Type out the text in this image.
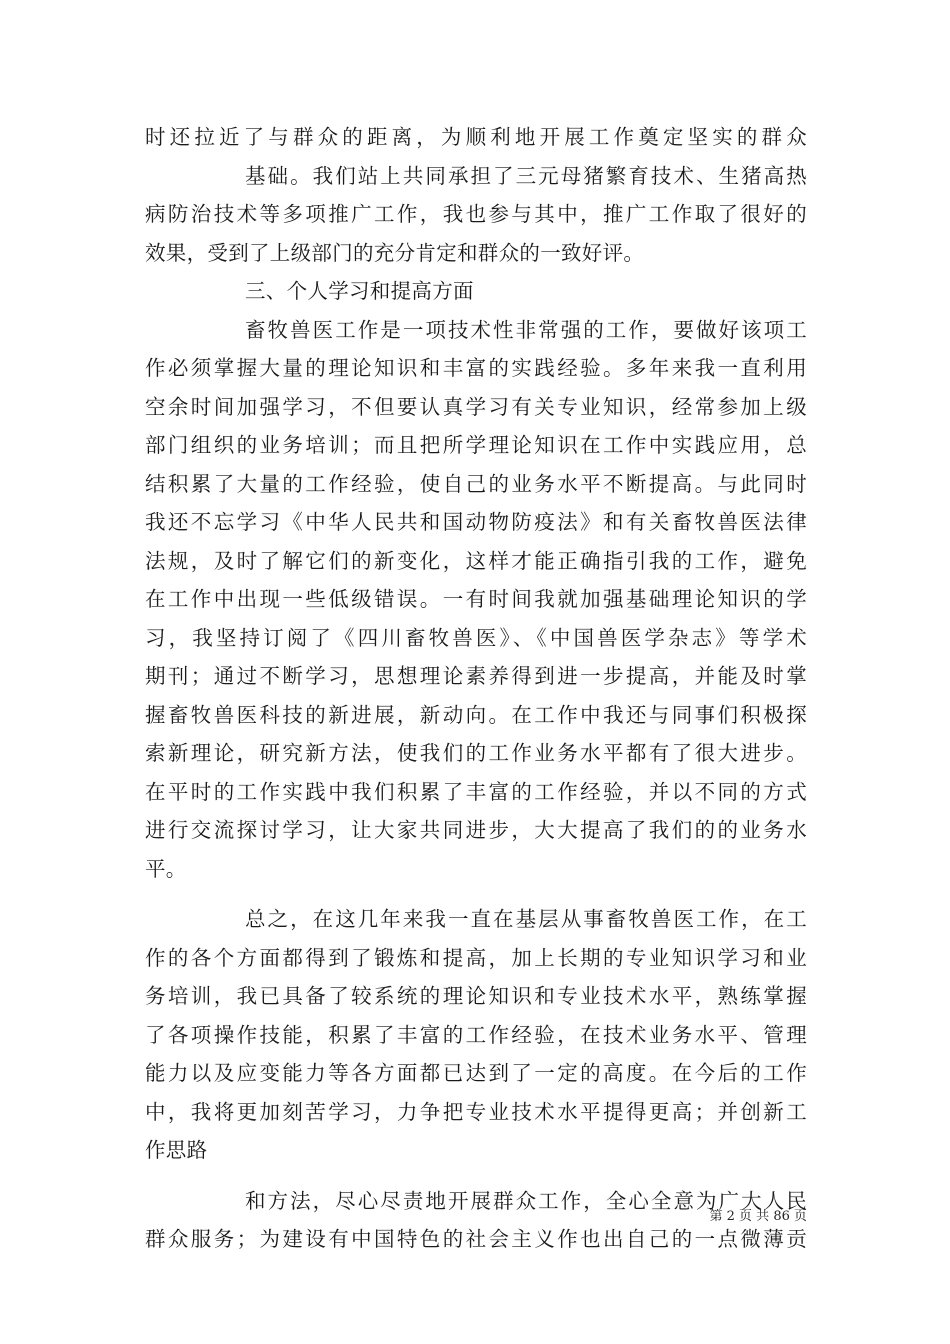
时还拉近了与群众的距离，为顺利地开展工作奠定坚实的群众
基础。我们站上共同承担了三元母猪繁育技术、生猪高热
病防治技术等多项推广工作，我也参与其中，推广工作取了很好的
效果，受到了上级部门的充分肯定和群众的一致好评。
三、个人学习和提高方面
畜牧兽医工作是一项技术性非常强的工作，要做好该项工
作必须掌握大量的理论知识和丰富的实践经验。多年来我一直利用
空余时间加强学习，不但要认真学习有关专业知识，经常参加上级
部门组织的业务培训；而且把所学理论知识在工作中实践应用，总
结积累了大量的工作经验，使自己的业务水平不断提高。与此同时
我还不忘学习《中华人民共和国动物防疫法》和有关畜牧兽医法律
法规，及时了解它们的新变化，这样才能正确指引我的工作，避免
在工作中出现一些低级错误。一有时间我就加强基础理论知识的学
习，我坚持订阅了《四川畜牧兽医》、《中国兽医学杂志》等学术
期刊；通过不断学习，思想理论素养得到进一步提高，并能及时掌
握畜牧兽医科技的新进展，新动向。在工作中我还与同事们积极探
索新理论，研究新方法，使我们的工作业务水平都有了很大进步。
在平时的工作实践中我们积累了丰富的工作经验，并以不同的方式
进行交流探讨学习，让大家共同进步，大大提高了我们的的业务水
平。
总之，在这几年来我一直在基层从事畜牧兽医工作，在工
作的各个方面都得到了锻炼和提高，加上长期的专业知识学习和业
务培训，我已具备了较系统的理论知识和专业技术水平，熟练掌握
了各项操作技能，积累了丰富的工作经验，在技术业务水平、管理
能力以及应变能力等各方面都已达到了一定的高度。在今后的工作
中，我将更加刻苦学习，力争把专业技术水平提得更高；并创新工
作思路
和方法，尽心尽责地开展群众工作，全心全意为广大人民
群众服务；为建设有中国特色的社会主义作也出自己的一点微薄贡
第 2 页 共 86 页
